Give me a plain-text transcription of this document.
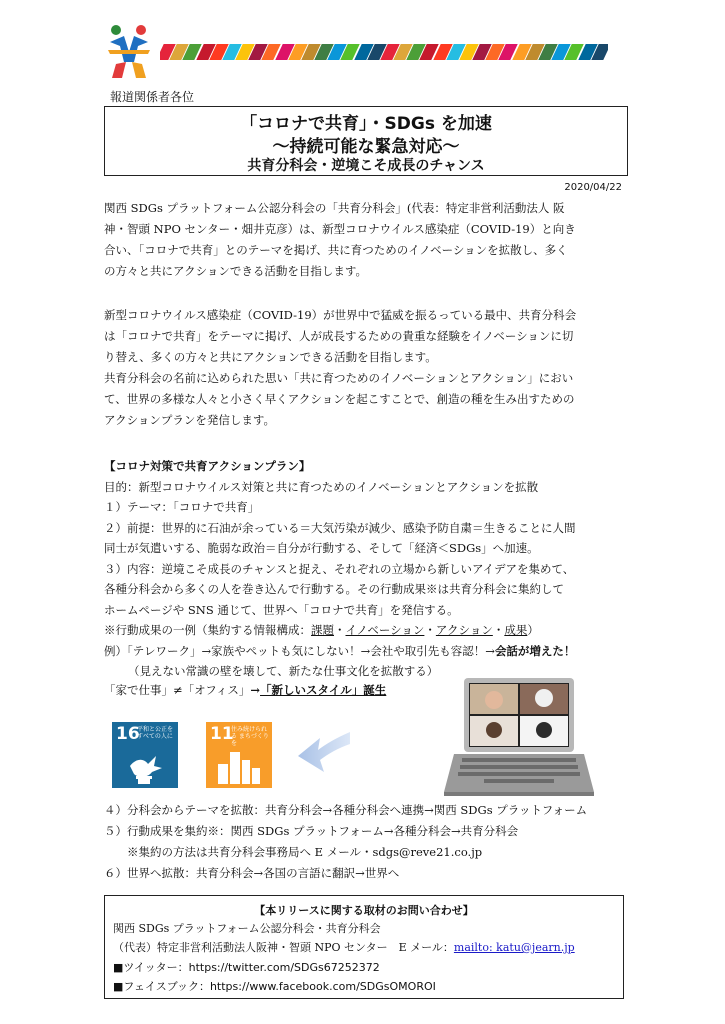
報道関係者各位
「コロナで共育」・SDGs を加速
～持続可能な緊急対応～
共育分科会・逆境こそ成長のチャンス
2020/04/22

関西 SDGs プラットフォーム公認分科会の「共育分科会」(代表：特定非営利活動法人 阪

神・智頭 NPO センター・畑井克彦）は、新型コロナウイルス感染症（COVID-19）と向き

合い、「コロナで共育」とのテーマを掲げ、共に育つためのイノベーションを拡散し、多く

の方々と共にアクションできる活動を目指します。

新型コロナウイルス感染症（COVID-19）が世界中で猛威を振るっている最中、共育分科会

は「コロナで共育」をテーマに掲げ、人が成長するための貴重な経験をイノベーションに切

り替え、多くの方々と共にアクションできる活動を目指します。

共育分科会の名前に込められた思い「共に育つためのイノベーションとアクション」におい

て、世界の多様な人々と小さく早くアクションを起こすことで、創造の種を生み出すための

アクションプランを発信します。

【コロナ対策で共育アクションプラン】

目的：新型コロナウイルス対策と共に育つためのイノベーションとアクションを拡散

１）テーマ：「コロナで共育」

２）前提：世界的に石油が余っている＝大気汚染が減少、感染予防自粛＝生きることに人間

同士が気遣いする、脆弱な政治＝自分が行動する、そして「経済＜SDGs」へ加速。

３）内容：逆境こそ成長のチャンスと捉え、それぞれの立場から新しいアイデアを集めて、

各種分科会から多くの人を巻き込んで行動する。その行動成果※は共育分科会に集約して

ホームページや SNS 通じて、世界へ「コロナで共育」を発信する。

※行動成果の一例（集約する情報構成：課題・イノベーション・アクション・成果）

例）「テレワーク」→家族やペットも気にしない！→会社や取引先も容認！→会話が増えた！

（見えない常識の壁を壊して、新たな仕事文化を拡散する）

「家で仕事」≠「オフィス」→「新しいスタイル」誕生
16
平和と公正を すべての人に 11
住み続けられる まちづくりを

４）分科会からテーマを拡散：共育分科会→各種分科会へ連携→関西 SDGs プラットフォーム

５）行動成果を集約※：関西 SDGs プラットフォーム→各種分科会→共育分科会

　　※集約の方法は共育分科会事務局へ E メール・sdgs@reve21.co.jp

６）世界へ拡散：共育分科会→各国の言語に翻訳→世界へ

【本リリースに関する取材のお問い合わせ】

関西 SDGs プラットフォーム公認分科会・共育分科会

（代表）特定非営利活動法人阪神・智頭 NPO センター　E メール：mailto: katu@jearn.jp

■ツイッター：https://twitter.com/SDGs67252372

■フェイスブック：https://www.facebook.com/SDGsOMOROI
